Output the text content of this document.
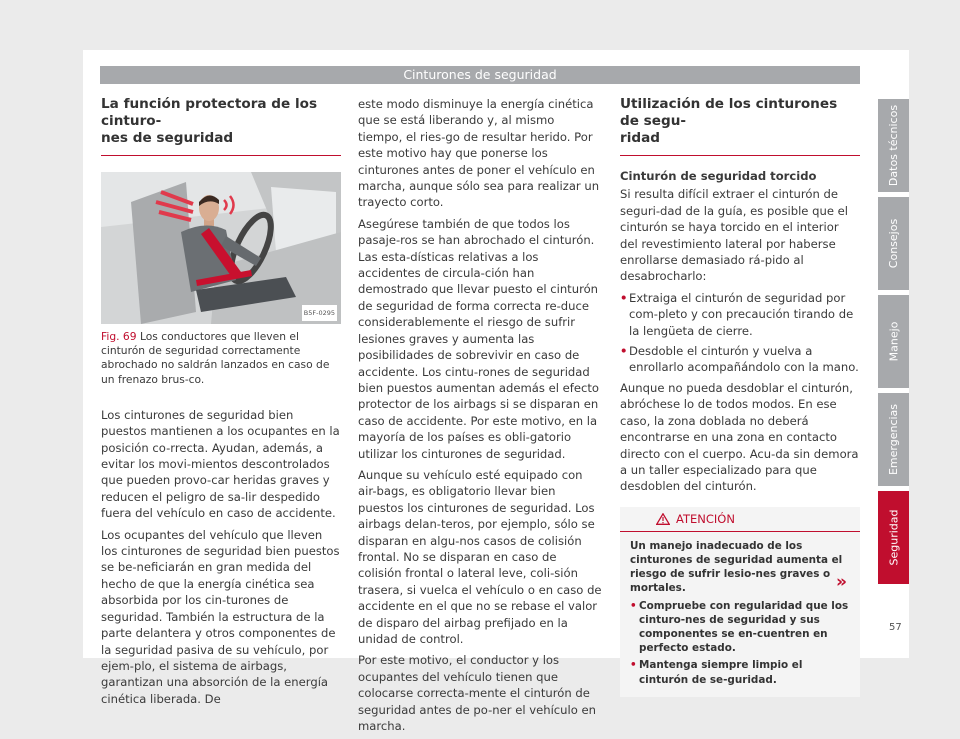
Cinturones de seguridad
La función protectora de los cinturo-
nes de seguridad
B5F-0295
Fig. 69 Los conductores que lleven el cinturón de seguridad correctamente abrochado no saldrán lanzados en caso de un frenazo brus-co.

Los cinturones de seguridad bien puestos mantienen a los ocupantes en la posición co-rrecta. Ayudan, además, a evitar los movi-mientos descontrolados que pueden provo-car heridas graves y reducen el peligro de sa-lir despedido fuera del vehículo en caso de accidente.

Los ocupantes del vehículo que lleven los cinturones de seguridad bien puestos se be-neficiarán en gran medida del hecho de que la energía cinética sea absorbida por los cin-turones de seguridad. También la estructura de la parte delantera y otros componentes de la seguridad pasiva de su vehículo, por ejem-plo, el sistema de airbags, garantizan una absorción de la energía cinética liberada. De

este modo disminuye la energía cinética que se está liberando y, al mismo tiempo, el ries-go de resultar herido. Por este motivo hay que ponerse los cinturones antes de poner el vehículo en marcha, aunque sólo sea para realizar un trayecto corto.

Asegúrese también de que todos los pasaje-ros se han abrochado el cinturón. Las esta-dísticas relativas a los accidentes de circula-ción han demostrado que llevar puesto el cinturón de seguridad de forma correcta re-duce considerablemente el riesgo de sufrir lesiones graves y aumenta las posibilidades de sobrevivir en caso de accidente. Los cintu-rones de seguridad bien puestos aumentan además el efecto protector de los airbags si se disparan en caso de accidente. Por este motivo, en la mayoría de los países es obli-gatorio utilizar los cinturones de seguridad.

Aunque su vehículo esté equipado con air-bags, es obligatorio llevar bien puestos los cinturones de seguridad. Los airbags delan-teros, por ejemplo, sólo se disparan en algu-nos casos de colisión frontal. No se disparan en caso de colisión frontal o lateral leve, coli-sión trasera, si vuelca el vehículo o en caso de accidente en el que no se rebase el valor de disparo del airbag prefijado en la unidad de control.

Por este motivo, el conductor y los ocupantes del vehículo tienen que colocarse correcta-mente el cinturón de seguridad antes de po-ner el vehículo en marcha.

Utilización de los cinturones de segu-
ridad
Cinturón de seguridad torcido

Si resulta difícil extraer el cinturón de seguri-dad de la guía, es posible que el cinturón se haya torcido en el interior del revestimiento lateral por haberse enrollarse demasiado rá-pido al desabrocharlo:

• Extraiga el cinturón de seguridad por com-pleto y con precaución tirando de la lengüeta de cierre.
• Desdoble el cinturón y vuelva a enrollarlo acompañándolo con la mano.

Aunque no pueda desdoblar el cinturón, abróchese lo de todos modos. En ese caso, la zona doblada no deberá encontrarse en una zona en contacto directo con el cuerpo. Acu-da sin demora a un taller especializado para que desdoblen del cinturón.

ATENCIÓN

Un manejo inadecuado de los cinturones de seguridad aumenta el riesgo de sufrir lesio-nes graves o mortales.

• Compruebe con regularidad que los cinturo-nes de seguridad y sus componentes se en-cuentren en perfecto estado.

• Mantenga siempre limpio el cinturón de se-guridad.

»
Datos técnicos
Consejos
Manejo
Emergencias
Seguridad
57
